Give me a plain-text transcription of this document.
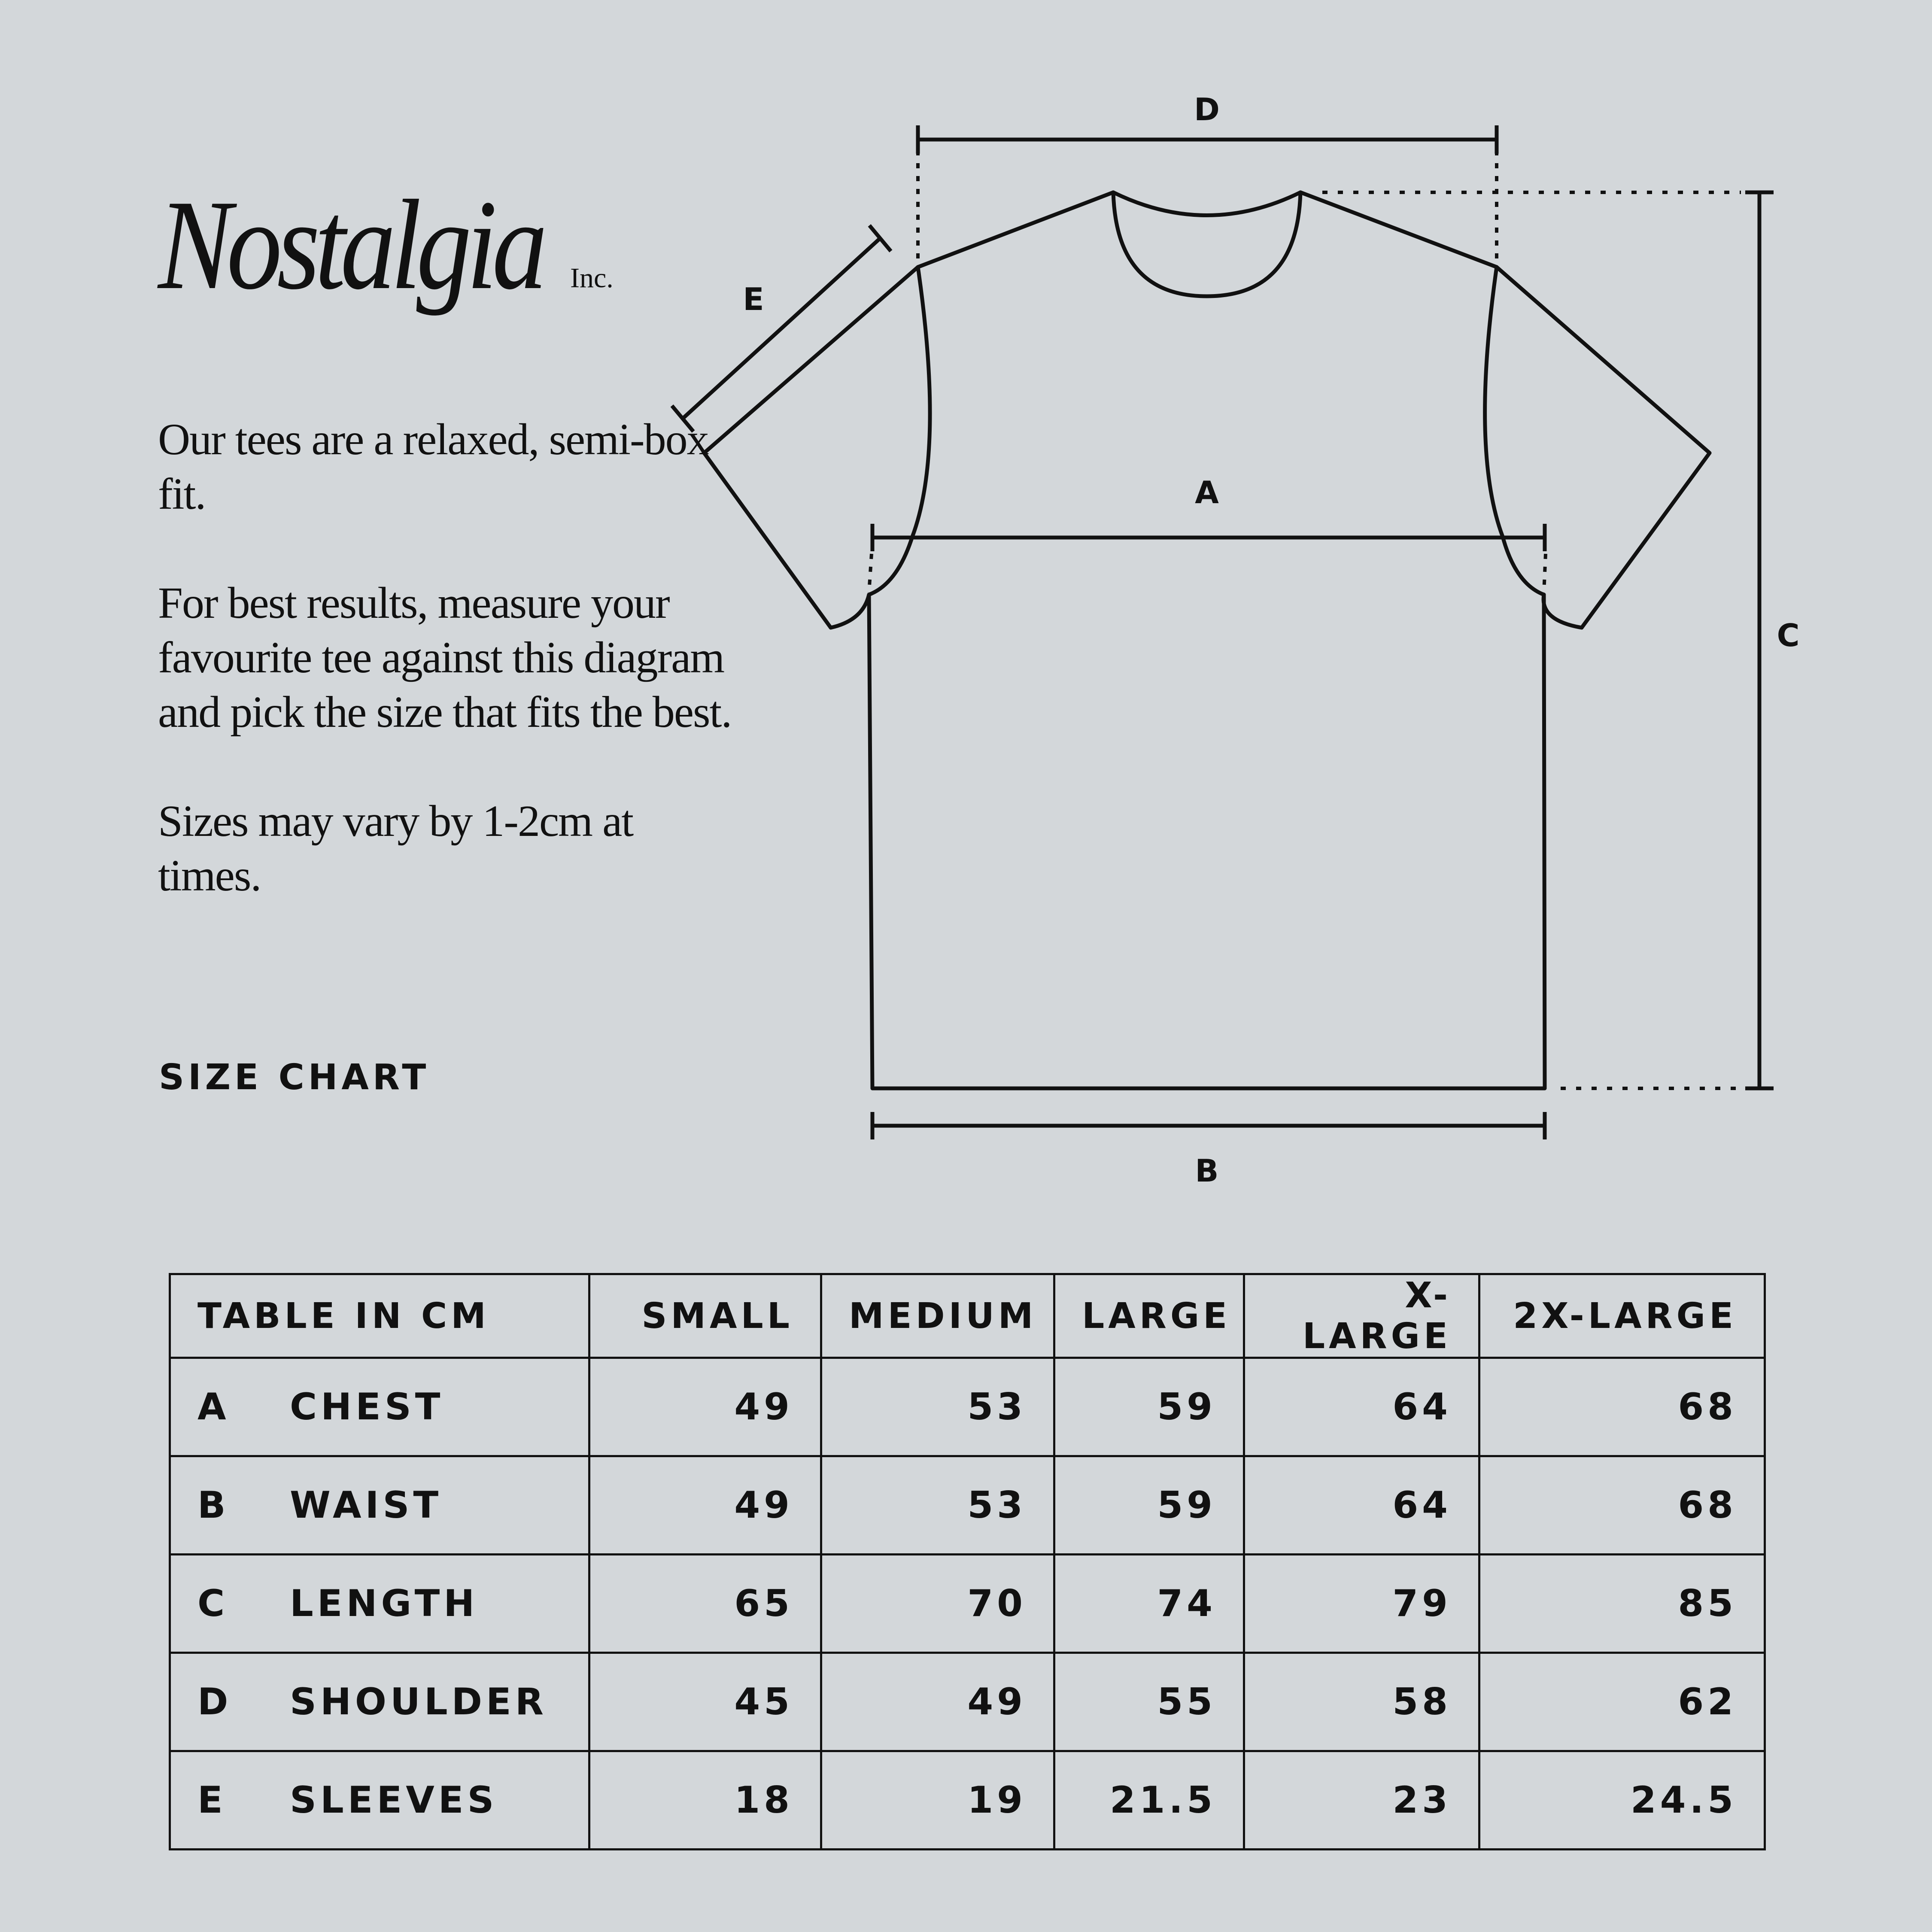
Nostalgia Inc.

Our tees are a relaxed, semi-box fit.

For best results, measure your favourite tee against this diagram and pick the size that fits the best.

Sizes may vary by 1-2cm at times.

SIZE CHART
D
A
B
C
E
TABLE IN CM	SMALL	MEDIUM	LARGE	X-LARGE	2X-LARGE
A CHEST	49	53	59	64	68
B WAIST	49	53	59	64	68
C LENGTH	65	70	74	79	85
D SHOULDER	45	49	55	58	62
E SLEEVES	18	19	21.5	23	24.5
